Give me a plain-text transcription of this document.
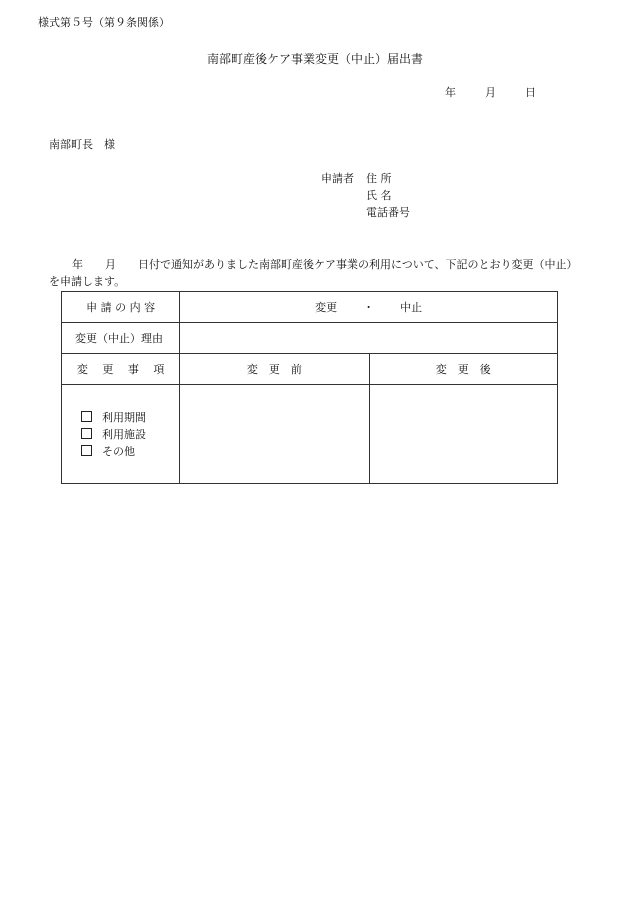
様式第５号（第９条関係）
南部町産後ケア事業変更（中止）届出書
年	月	日
南部町長　様
申請者 住 所
氏 名
電話番号
年　　月　　日付で通知がありました南部町産後ケア事業の利用について、下記のとおり変更（中止）
を申請します。
申 請 の 内 容	変更 ・ 中止	
変更（中止）理由		
変　 更　 事　 項	変　更　前	変　更　後

利用期間
利用施設
その他		
